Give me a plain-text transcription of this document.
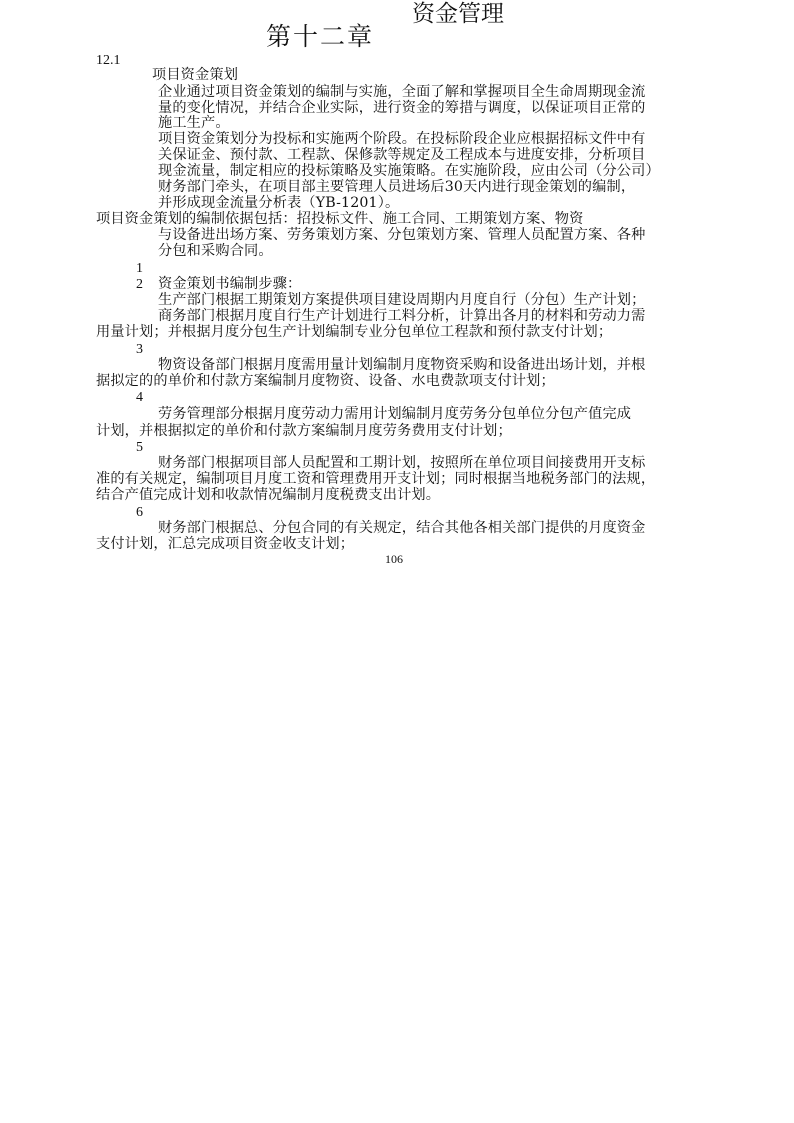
资金管理
第十二章
12.1
项目资金策划
企业通过项目资金策划的编制与实施，全面了解和掌握项目全生命周期现金流
量的变化情况，并结合企业实际，进行资金的筹措与调度，以保证项目正常的
施工生产。
项目资金策划分为投标和实施两个阶段。在投标阶段企业应根据招标文件中有
关保证金、预付款、工程款、保修款等规定及工程成本与进度安排，分析项目
现金流量，制定相应的投标策略及实施策略。在实施阶段，应由公司（分公司）
财务部门牵头，在项目部主要管理人员进场后30天内进行现金策划的编制，
并形成现金流量分析表（YB-1201）。
项目资金策划的编制依据包括：招投标文件、施工合同、工期策划方案、物资
与设备进出场方案、劳务策划方案、分包策划方案、管理人员配置方案、各种
分包和采购合同。
1
2 资金策划书编制步骤：
生产部门根据工期策划方案提供项目建设周期内月度自行（分包）生产计划；
商务部门根据月度自行生产计划进行工料分析，计算出各月的材料和劳动力需
用量计划；并根据月度分包生产计划编制专业分包单位工程款和预付款支付计划；
3
物资设备部门根据月度需用量计划编制月度物资采购和设备进出场计划，并根
据拟定的的单价和付款方案编制月度物资、设备、水电费款项支付计划；
4
劳务管理部分根据月度劳动力需用计划编制月度劳务分包单位分包产值完成
计划，并根据拟定的单价和付款方案编制月度劳务费用支付计划；
5
财务部门根据项目部人员配置和工期计划，按照所在单位项目间接费用开支标
准的有关规定，编制项目月度工资和管理费用开支计划；同时根据当地税务部门的法规，
结合产值完成计划和收款情况编制月度税费支出计划。
6
财务部门根据总、分包合同的有关规定，结合其他各相关部门提供的月度资金
支付计划，汇总完成项目资金收支计划；
106
